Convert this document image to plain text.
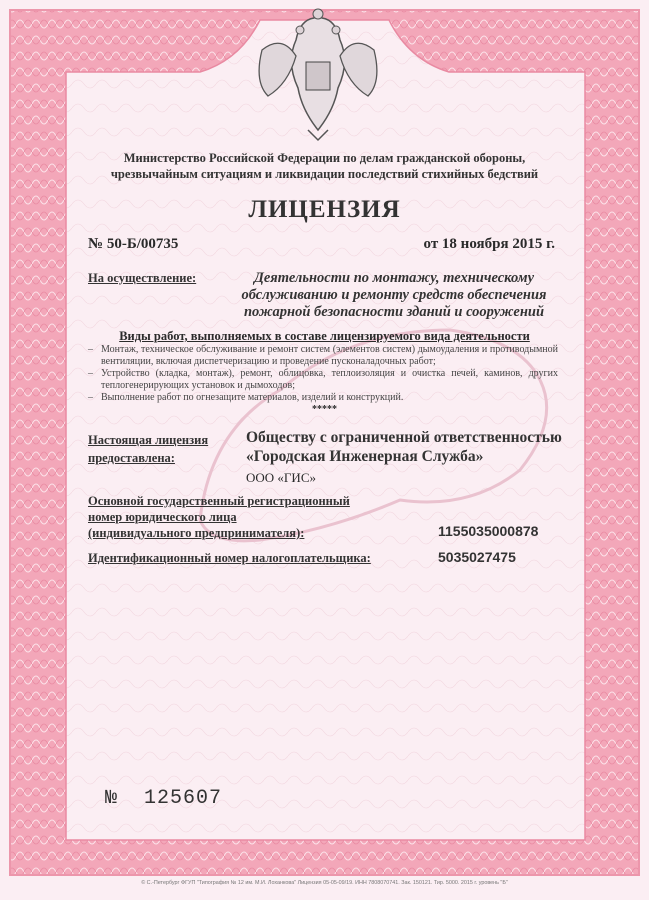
Министерство Российской Федерации по делам гражданской обороны,
чрезвычайным ситуациям и ликвидации последствий стихийных бедствий
ЛИЦЕНЗИЯ
№ 50-Б/00735	от 18 ноября 2015 г.
На осуществление:	Деятельности по монтажу, техническому
обслуживанию и ремонту средств обеспечения
пожарной безопасности зданий и сооружений
Виды работ, выполняемых в составе лицензируемого вида деятельности
– Монтаж, техническое обслуживание и ремонт систем (элементов систем) дымоудаления и противодымной вентиляции, включая диспетчеризацию и проведение пусконаладочных работ;
– Устройство (кладка, монтаж), ремонт, облицовка, теплоизоляция и очистка печей, каминов, других теплогенерирующих установок и дымоходов;
– Выполнение работ по огнезащите материалов, изделий и конструкций.
*****
Настоящая лицензия
предоставлена:
Обществу с ограниченной ответственностью
«Городская Инженерная Служба»
ООО «ГИС»
Основной государственный регистрационный
номер юридического лица
(индивидуального предпринимателя):	1155035000878
Идентификационный номер налогоплательщика:	5035027475
№ 125607
© С.-Петербург ФГУП "Типография № 12 им. М.И. Лоханкова" Лицензия 05-05-09/19. ИНН 7808070741. Зак. 150121. Тир. 5000. 2015 г. уровень "Б"
